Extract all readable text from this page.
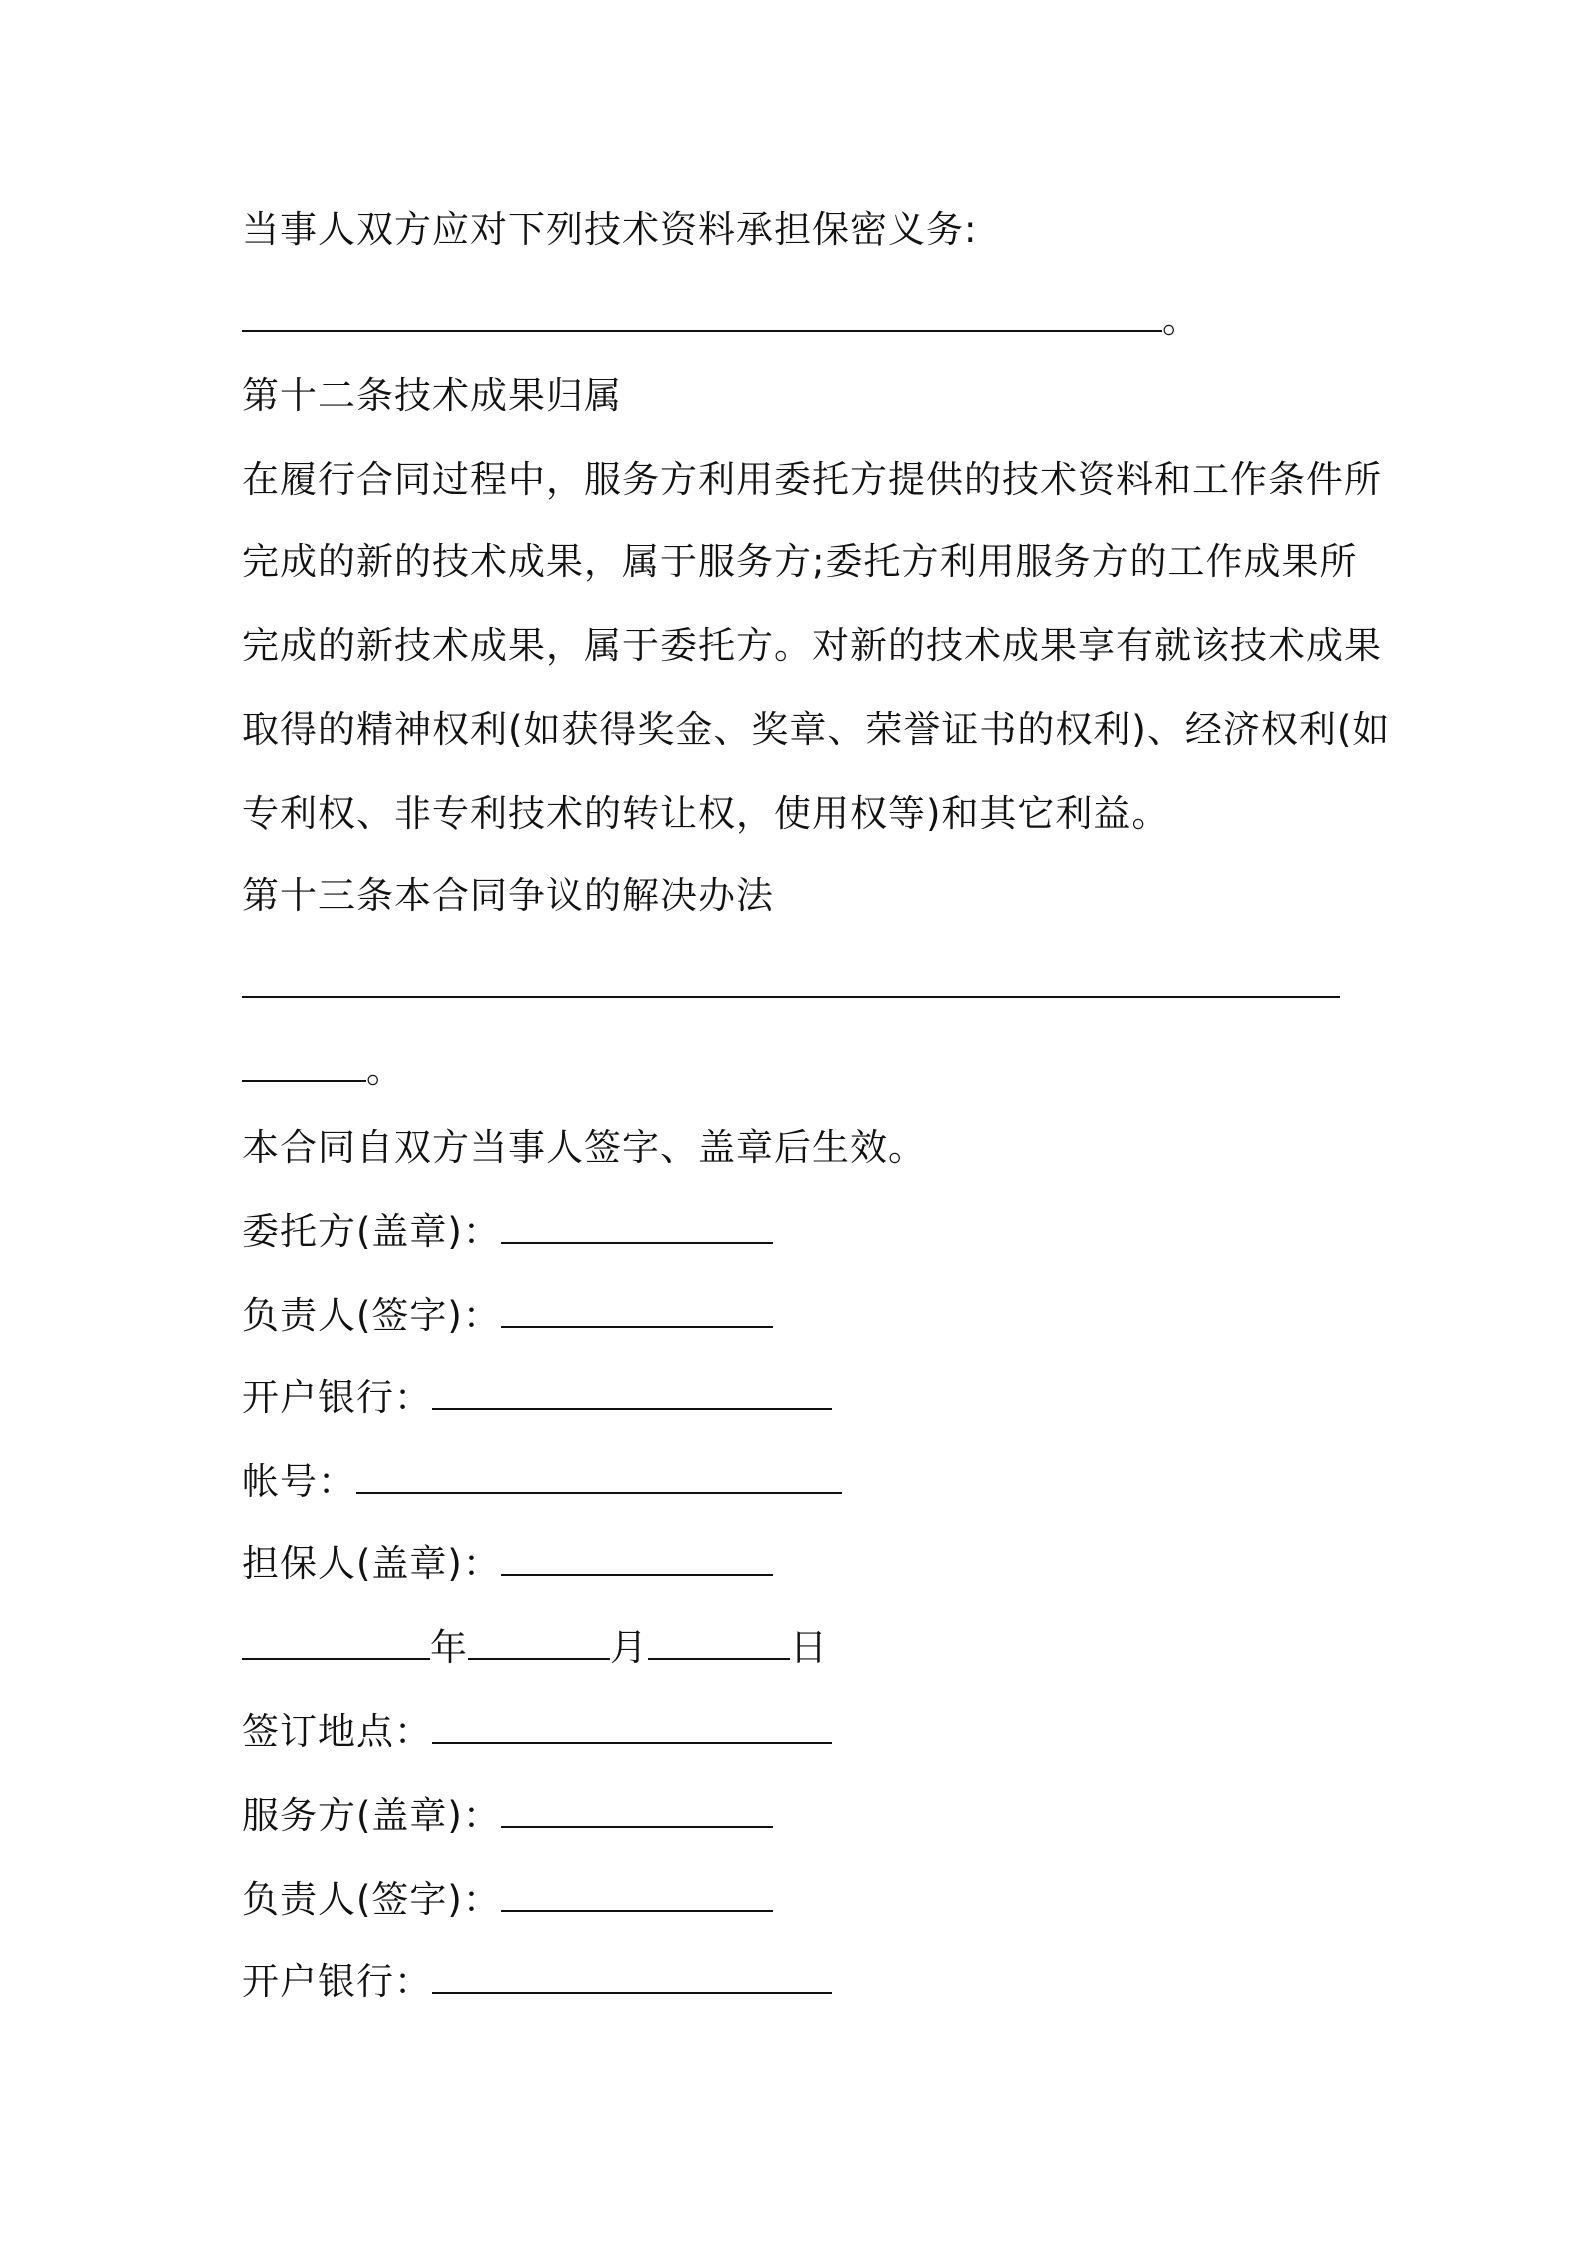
当事人双方应对下列技术资料承担保密义务:
。
第十二条技术成果归属
在履行合同过程中，服务方利用委托方提供的技术资料和工作条件所
完成的新的技术成果，属于服务方;委托方利用服务方的工作成果所
完成的新技术成果，属于委托方。对新的技术成果享有就该技术成果
取得的精神权利(如获得奖金、奖章、荣誉证书的权利)、经济权利(如
专利权、非专利技术的转让权，使用权等)和其它利益。
第十三条本合同争议的解决办法
。
本合同自双方当事人签字、盖章后生效。
委托方(盖章)：
负责人(签字)：
开户银行：
帐号：
担保人(盖章)：
年	月	日
签订地点：
服务方(盖章)：
负责人(签字)：
开户银行：
